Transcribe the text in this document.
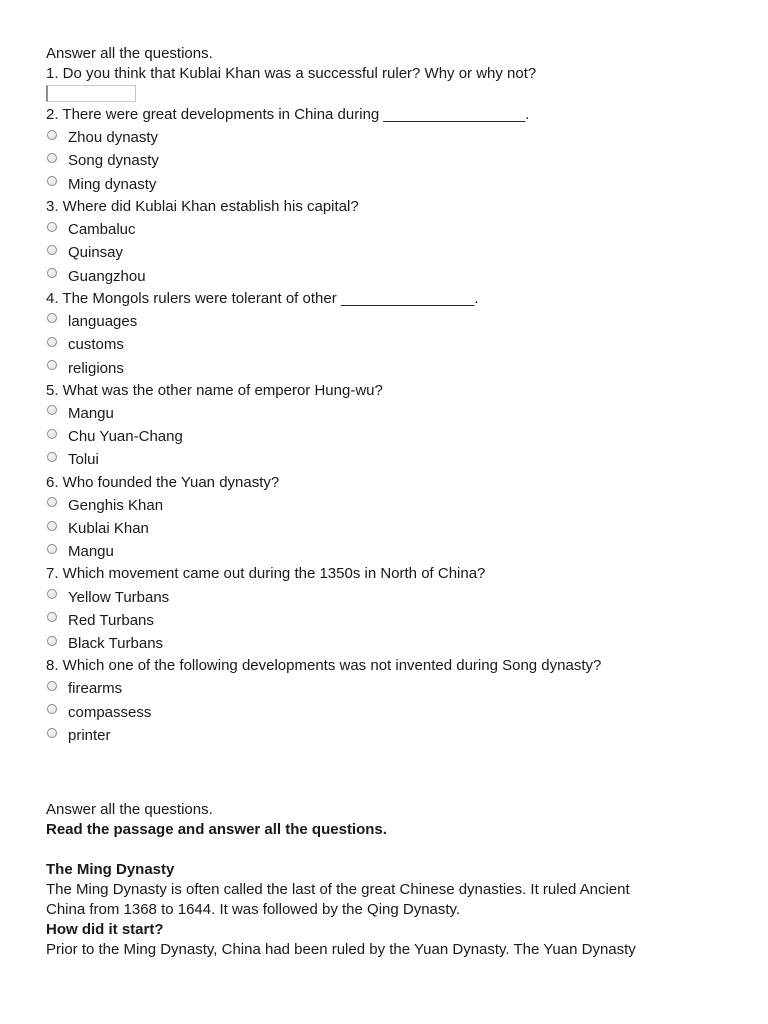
Answer all the questions.
1. Do you think that Kublai Khan was a successful ruler? Why or why not?
2. There were great developments in China during _________________.
Zhou dynasty
Song dynasty
Ming dynasty
3. Where did Kublai Khan establish his capital?
Cambaluc
Quinsay
Guangzhou
4. The Mongols rulers were tolerant of other ________________.
languages
customs
religions
5. What was the other name of emperor Hung-wu?
Mangu
Chu Yuan-Chang
Tolui
6. Who founded the Yuan dynasty?
Genghis Khan
Kublai Khan
Mangu
7. Which movement came out during the 1350s in North of China?
Yellow Turbans
Red Turbans
Black Turbans
8. Which one of the following developments was not invented during Song dynasty?
firearms
compassess
printer
Answer all the questions.
Read the passage and answer all the questions.
The Ming Dynasty
The Ming Dynasty is often called the last of the great Chinese dynasties. It ruled Ancient
China from 1368 to 1644. It was followed by the Qing Dynasty.
How did it start?
Prior to the Ming Dynasty, China had been ruled by the Yuan Dynasty. The Yuan Dynasty
